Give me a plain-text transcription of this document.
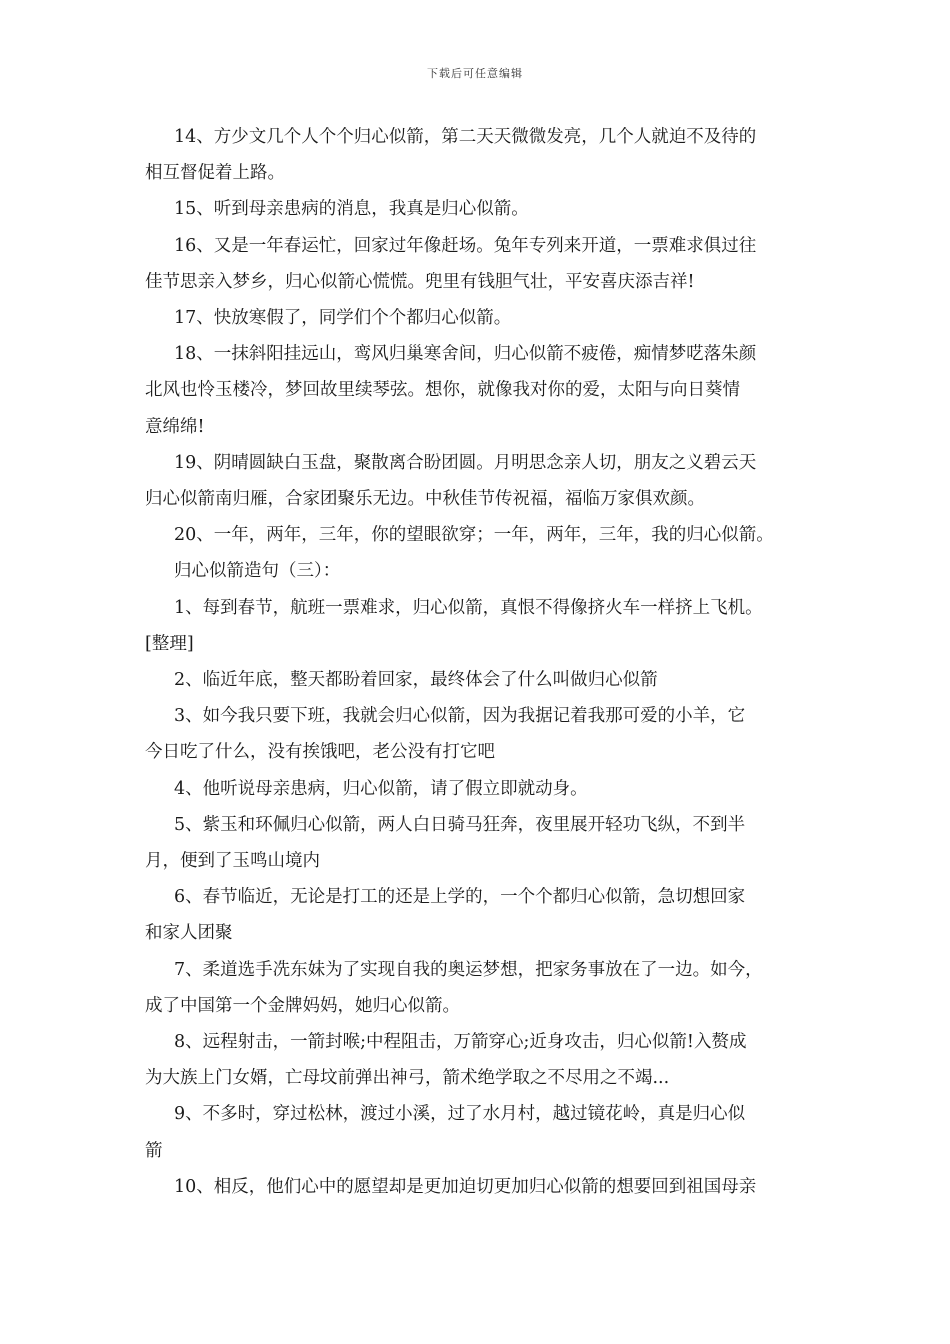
下载后可任意编辑

14、方少文几个人个个归心似箭，第二天天微微发亮，几个人就迫不及待的

相互督促着上路。

15、听到母亲患病的消息，我真是归心似箭。

16、又是一年春运忙，回家过年像赶场。兔年专列来开道，一票难求俱过往

佳节思亲入梦乡，归心似箭心慌慌。兜里有钱胆气壮，平安喜庆添吉祥!

17、快放寒假了，同学们个个都归心似箭。

18、一抹斜阳挂远山，鸾风归巢寒舍间，归心似箭不疲倦，痴情梦呓落朱颜

北风也怜玉楼冷，梦回故里续琴弦。想你，就像我对你的爱，太阳与向日葵情

意绵绵!

19、阴晴圆缺白玉盘，聚散离合盼团圆。月明思念亲人切，朋友之义碧云天

归心似箭南归雁，合家团聚乐无边。中秋佳节传祝福，福临万家俱欢颜。

20、一年，两年，三年，你的望眼欲穿；一年，两年，三年，我的归心似箭。

归心似箭造句（三）：

1、每到春节，航班一票难求，归心似箭，真恨不得像挤火车一样挤上飞机。

[整理]

2、临近年底，整天都盼着回家，最终体会了什么叫做归心似箭

3、如今我只要下班，我就会归心似箭，因为我据记着我那可爱的小羊，它

今日吃了什么，没有挨饿吧，老公没有打它吧

4、他听说母亲患病，归心似箭，请了假立即就动身。

5、紫玉和环佩归心似箭，两人白日骑马狂奔，夜里展开轻功飞纵，不到半

月，便到了玉鸣山境内

6、春节临近，无论是打工的还是上学的，一个个都归心似箭，急切想回家

和家人团聚

7、柔道选手冼东妹为了实现自我的奥运梦想，把家务事放在了一边。如今，

成了中国第一个金牌妈妈，她归心似箭。

8、远程射击，一箭封喉;中程阻击，万箭穿心;近身攻击，归心似箭!入赘成

为大族上门女婿，亡母坟前弹出神弓，箭术绝学取之不尽用之不竭...

9、不多时，穿过松林，渡过小溪，过了水月村，越过镜花岭，真是归心似

箭

10、相反，他们心中的愿望却是更加迫切更加归心似箭的想要回到祖国母亲
